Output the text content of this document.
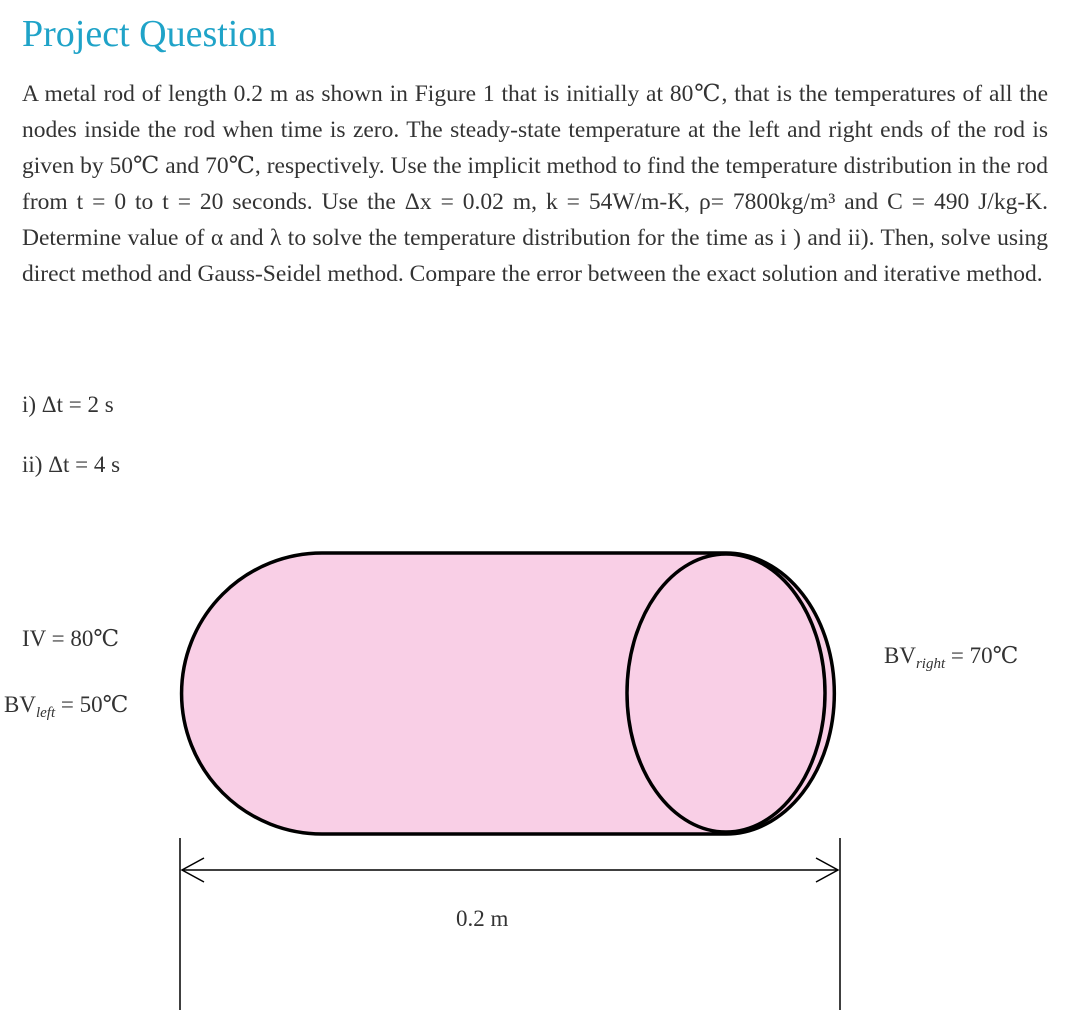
Project Question

A metal rod of length 0.2 m as shown in Figure 1 that is initially at 80℃, that is the temperatures of all the nodes inside the rod when time is zero. The steady-state temperature at the left and right ends of the rod is given by 50℃ and 70℃, respectively. Use the implicit method to find the temperature distribution in the rod from t = 0 to t = 20 seconds. Use the Δx = 0.02 m, k = 54W/m-K, ρ= 7800kg/m³ and C = 490 J/kg-K. Determine value of α and λ to solve the temperature distribution for the time as i ) and ii). Then, solve using direct method and Gauss-Seidel method. Compare the error between the exact solution and iterative method.

i) Δt = 2 s
ii) Δt = 4 s
IV = 80℃
$BV_{left}$ = 50℃
$BV_{right}$ = 70℃
0.2 m
